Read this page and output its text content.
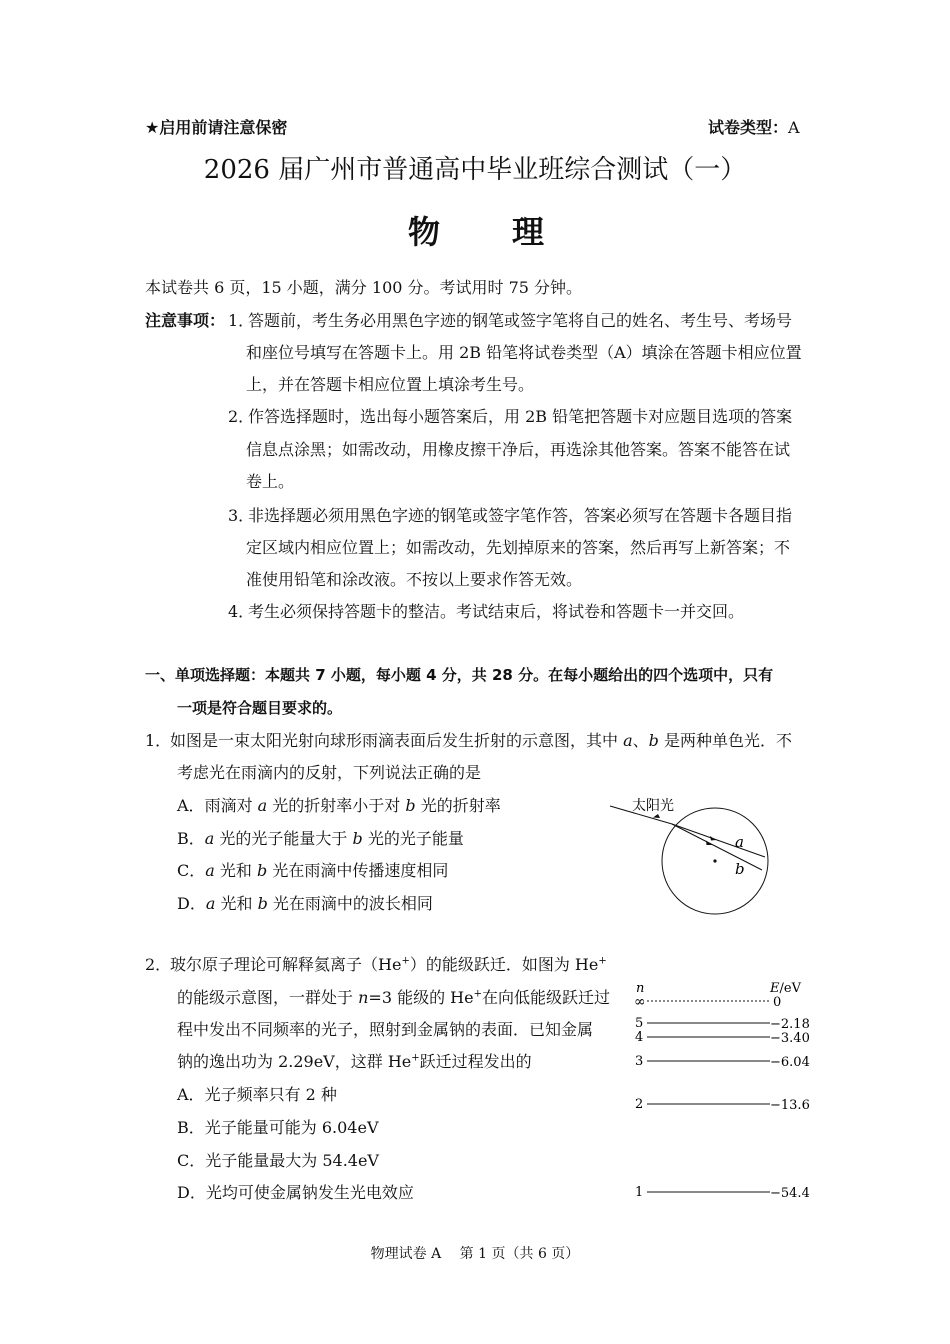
★启用前请注意保密	试卷类型：A
2026 届广州市普通高中毕业班综合测试（一）
物 理
本试卷共 6 页，15 小题，满分 100 分。考试用时 75 分钟。
注意事项： 1．
答题前，考生务必用黑色字迹的钢笔或签字笔将自己的姓名、考生号、考场号
和座位号填写在答题卡上。用 2B 铅笔将试卷类型（A）填涂在答题卡相应位置
上，并在答题卡相应位置上填涂考生号。
2．
作答选择题时，选出每小题答案后，用 2B 铅笔把答题卡对应题目选项的答案
信息点涂黑；如需改动，用橡皮擦干净后，再选涂其他答案。答案不能答在试
卷上。
3．
非选择题必须用黑色字迹的钢笔或签字笔作答，答案必须写在答题卡各题目指
定区域内相应位置上；如需改动，先划掉原来的答案，然后再写上新答案；不
准使用铅笔和涂改液。不按以上要求作答无效。
4．
考生必须保持答题卡的整洁。考试结束后，将试卷和答题卡一并交回。
一、单项选择题：本题共 7 小题，每小题 4 分，共 28 分。在每小题给出的四个选项中，只有
一项是符合题目要求的。
1．
如图是一束太阳光射向球形雨滴表面后发生折射的示意图，其中 a、b 是两种单色光．不
考虑光在雨滴内的反射，下列说法正确的是
A．雨滴对 a 光的折射率小于对 b 光的折射率
B．a 光的光子能量大于 b 光的光子能量
C．a 光和 b 光在雨滴中传播速度相同
D．a 光和 b 光在雨滴中的波长相同
太阳光
a
b
2．
玻尔原子理论可解释氦离子（He+）的能级跃迁．如图为 He+
的能级示意图，一群处于 n=3 能级的 He+在向低能级跃迁过
程中发出不同频率的光子，照射到金属钠的表面．已知金属
钠的逸出功为 2.29eV，这群 He+跃迁过程发出的
A．光子频率只有 2 种
B．光子能量可能为 6.04eV
C．光子能量最大为 54.4eV
D．光均可使金属钠发生光电效应
n	E/eV
∞	0
5	−2.18
4	−3.40
3	−6.04
2	−13.6
1	−54.4
物理试卷 A　 第 1 页（共 6 页）
